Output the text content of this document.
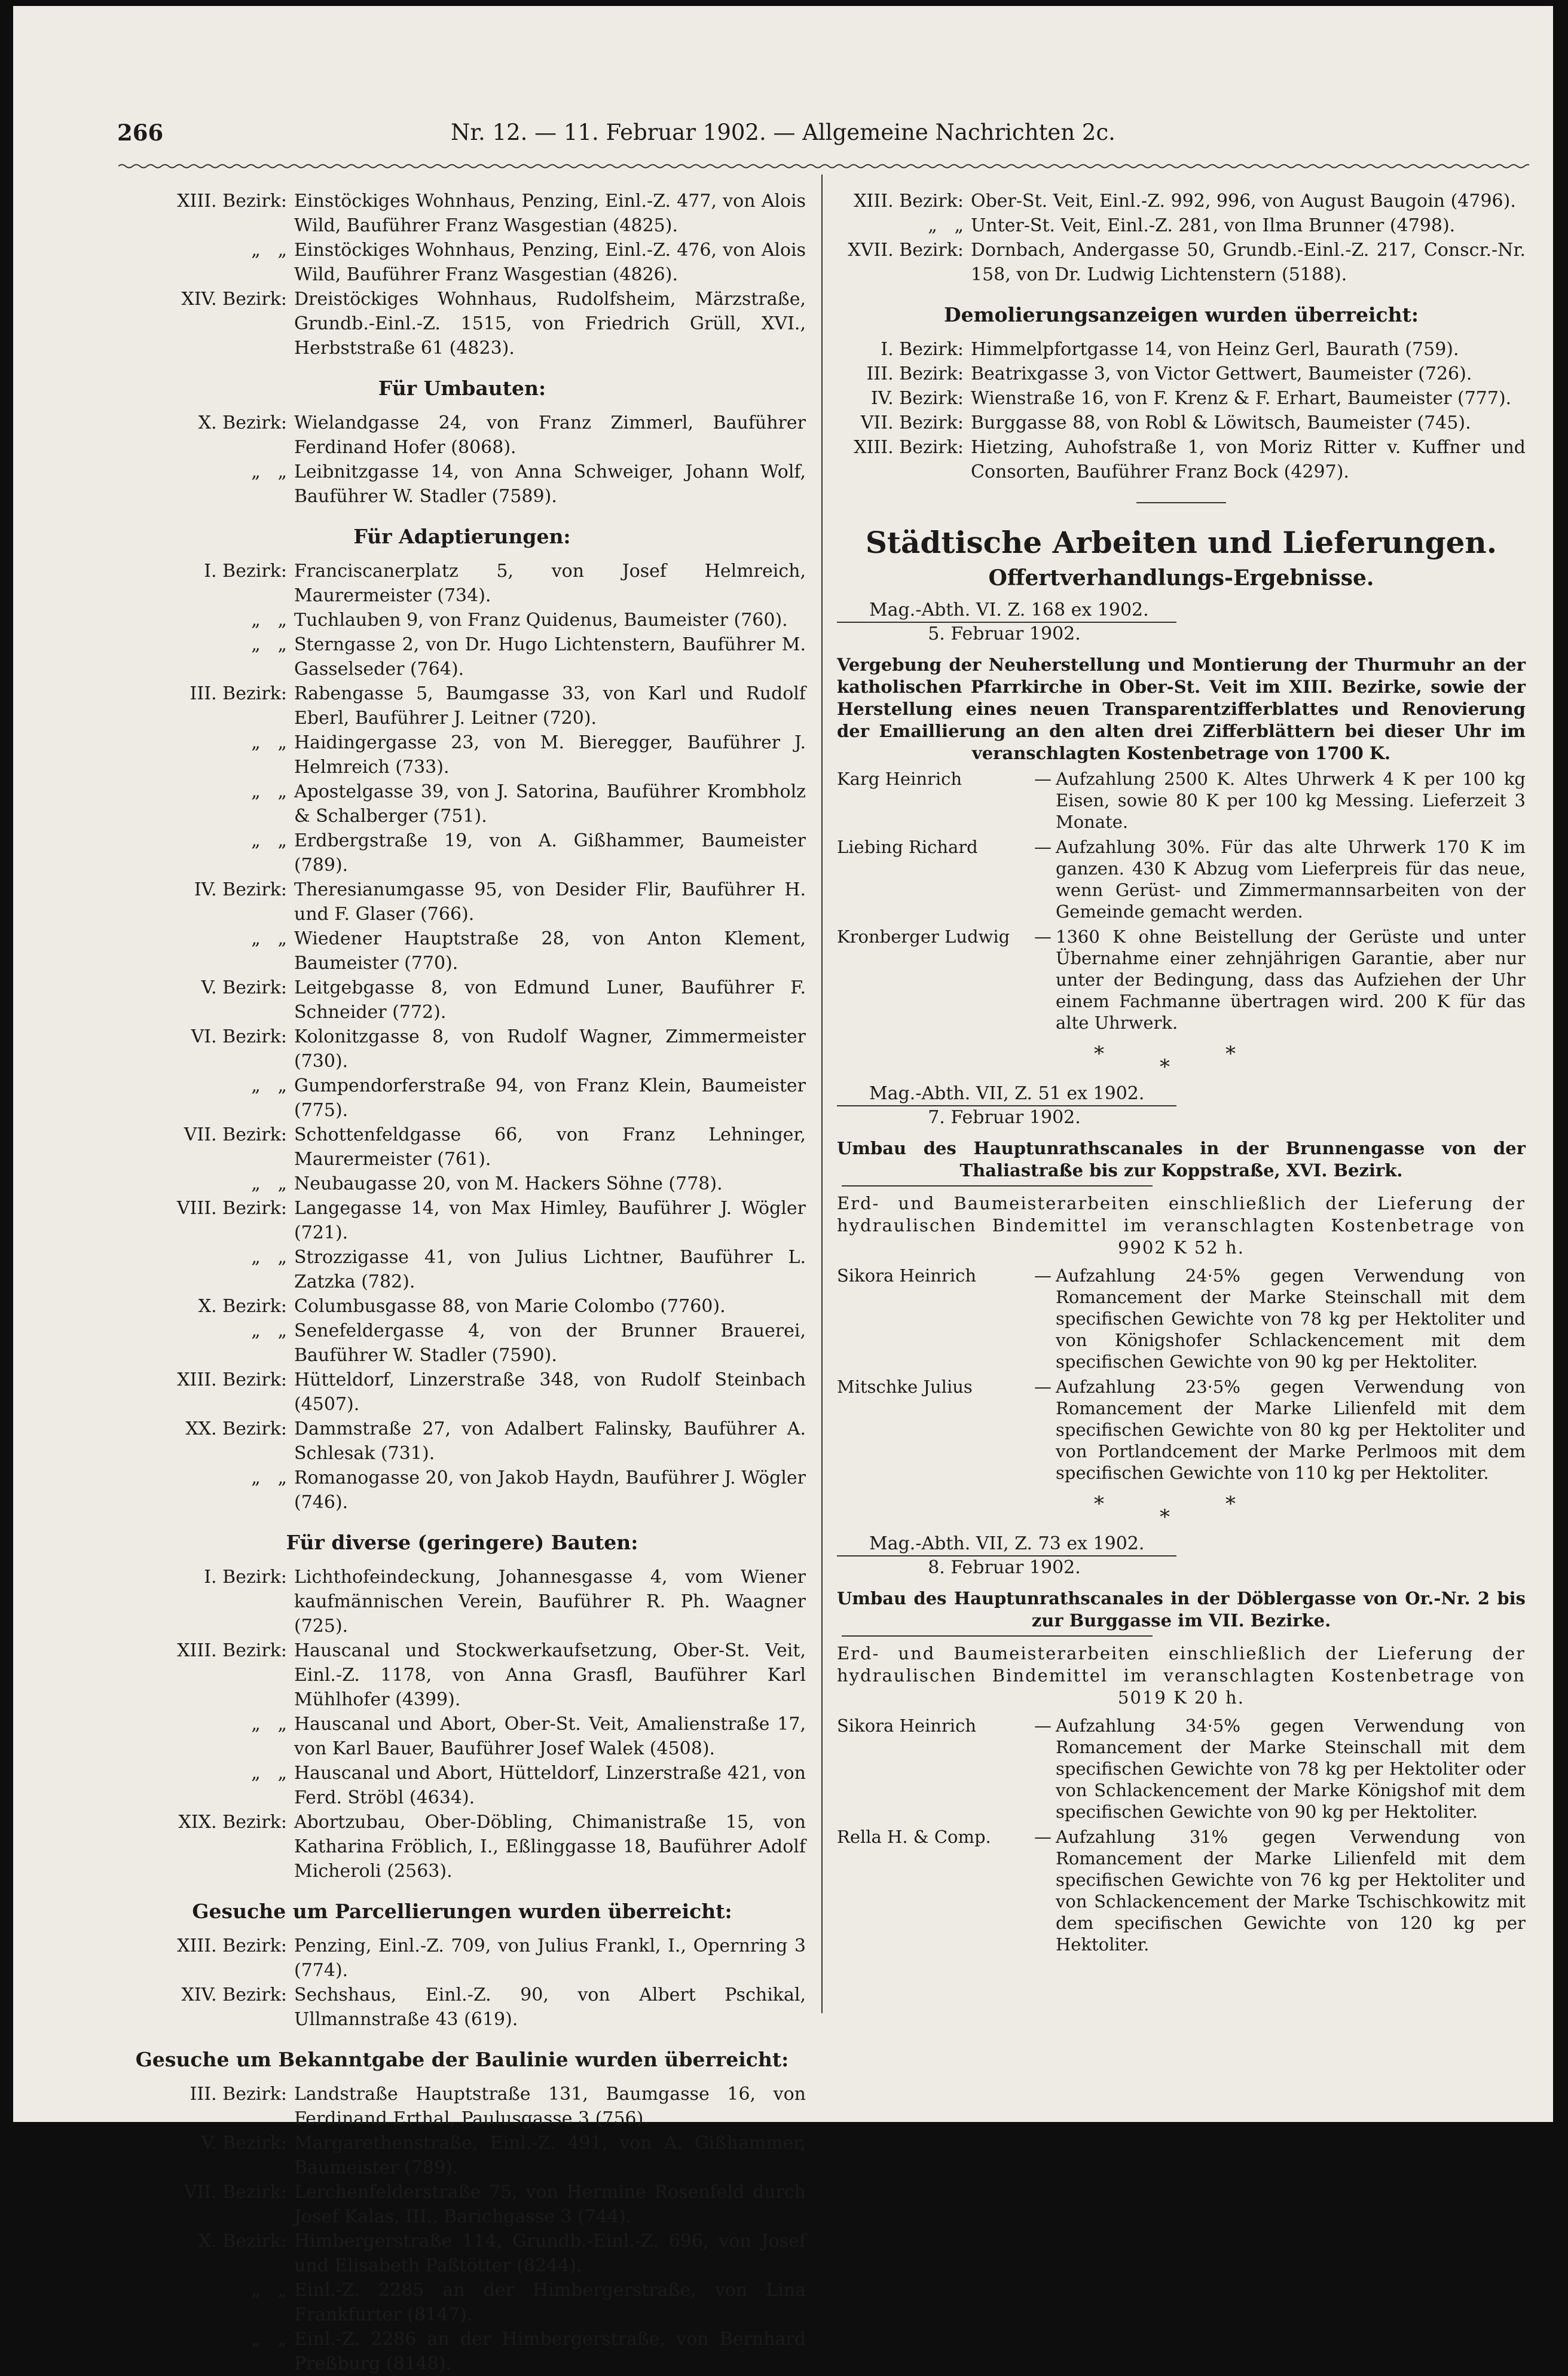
266	Nr. 12. — 11. Februar 1902. — Allgemeine Nachrichten 2c.
XIII. Bezirk: Einstöckiges Wohnhaus, Penzing, Einl.-Z. 477, von Alois Wild, Bauführer Franz Wasgestian (4825).
„   „ Einstöckiges Wohnhaus, Penzing, Einl.-Z. 476, von Alois Wild, Bauführer Franz Wasgestian (4826).
XIV. Bezirk: Dreistöckiges Wohnhaus, Rudolfsheim, Märzstraße, Grundb.-Einl.-Z. 1515, von Friedrich Grüll, XVI., Herbststraße 61 (4823).
Für Umbauten:
X. Bezirk: Wielandgasse 24, von Franz Zimmerl, Bauführer Ferdinand Hofer (8068).
„   „ Leibnitzgasse 14, von Anna Schweiger, Johann Wolf, Bauführer W. Stadler (7589).
Für Adaptierungen:
I. Bezirk: Franciscanerplatz 5, von Josef Helmreich, Maurermeister (734).
„   „ Tuchlauben 9, von Franz Quidenus, Baumeister (760).
„   „ Sterngasse 2, von Dr. Hugo Lichtenstern, Bauführer M. Gasselseder (764).
III. Bezirk: Rabengasse 5, Baumgasse 33, von Karl und Rudolf Eberl, Bauführer J. Leitner (720).
„   „ Haidingergasse 23, von M. Bieregger, Bauführer J. Helmreich (733).
„   „ Apostelgasse 39, von J. Satorina, Bauführer Krombholz & Schalberger (751).
„   „ Erdbergstraße 19, von A. Gißhammer, Baumeister (789).
IV. Bezirk: Theresianumgasse 95, von Desider Flir, Bauführer H. und F. Glaser (766).
„   „ Wiedener Hauptstraße 28, von Anton Klement, Baumeister (770).
V. Bezirk: Leitgebgasse 8, von Edmund Luner, Bauführer F. Schneider (772).
VI. Bezirk: Kolonitzgasse 8, von Rudolf Wagner, Zimmermeister (730).
„   „ Gumpendorferstraße 94, von Franz Klein, Baumeister (775).
VII. Bezirk: Schottenfeldgasse 66, von Franz Lehninger, Maurermeister (761).
„   „ Neubaugasse 20, von M. Hackers Söhne (778).
VIII. Bezirk: Langegasse 14, von Max Himley, Bauführer J. Wögler (721).
„   „ Strozzigasse 41, von Julius Lichtner, Bauführer L. Zatzka (782).
X. Bezirk: Columbusgasse 88, von Marie Colombo (7760).
„   „ Senefeldergasse 4, von der Brunner Brauerei, Bauführer W. Stadler (7590).
XIII. Bezirk: Hütteldorf, Linzerstraße 348, von Rudolf Steinbach (4507).
XX. Bezirk: Dammstraße 27, von Adalbert Falinsky, Bauführer A. Schlesak (731).
„   „ Romanogasse 20, von Jakob Haydn, Bauführer J. Wögler (746).
Für diverse (geringere) Bauten:
I. Bezirk: Lichthofeindeckung, Johannesgasse 4, vom Wiener kaufmännischen Verein, Bauführer R. Ph. Waagner (725).
XIII. Bezirk: Hauscanal und Stockwerkaufsetzung, Ober-St. Veit, Einl.-Z. 1178, von Anna Grasfl, Bauführer Karl Mühlhofer (4399).
„   „ Hauscanal und Abort, Ober-St. Veit, Amalienstraße 17, von Karl Bauer, Bauführer Josef Walek (4508).
„   „ Hauscanal und Abort, Hütteldorf, Linzerstraße 421, von Ferd. Ströbl (4634).
XIX. Bezirk: Abortzubau, Ober-Döbling, Chimanistraße 15, von Katharina Fröblich, I., Eßlinggasse 18, Bauführer Adolf Micheroli (2563).
Gesuche um Parcellierungen wurden überreicht:
XIII. Bezirk: Penzing, Einl.-Z. 709, von Julius Frankl, I., Opernring 3 (774).
XIV. Bezirk: Sechshaus, Einl.-Z. 90, von Albert Pschikal, Ullmannstraße 43 (619).
Gesuche um Bekanntgabe der Baulinie wurden überreicht:
III. Bezirk: Landstraße Hauptstraße 131, Baumgasse 16, von Ferdinand Erthal, Paulusgasse 3 (756).
V. Bezirk: Margarethenstraße, Einl.-Z. 491, von A. Gißhammer, Baumeister (789).
VII. Bezirk: Lerchenfelderstraße 75, von Hermine Rosenfeld durch Josef Kalas, III., Barichgasse 3 (744).
X. Bezirk: Himbergerstraße 114, Grundb.-Einl.-Z. 696, von Josef und Elisabeth Paßtötter (8244).
„   „ Einl.-Z. 2285 an der Himbergerstraße, von Lina Frankfurter (8147).
„   „ Einl.-Z. 2286 an der Himbergerstraße, von Bernhard Preßburg (8148).
XIII. Bezirk: Ober-St. Veit, Einl.-Z. 992, 996, von August Baugoin (4796).
„   „ Unter-St. Veit, Einl.-Z. 281, von Ilma Brunner (4798).
XVII. Bezirk: Dornbach, Andergasse 50, Grundb.-Einl.-Z. 217, Conscr.-Nr. 158, von Dr. Ludwig Lichtenstern (5188).
Demolierungsanzeigen wurden überreicht:
I. Bezirk: Himmelpfortgasse 14, von Heinz Gerl, Baurath (759).
III. Bezirk: Beatrixgasse 3, von Victor Gettwert, Baumeister (726).
IV. Bezirk: Wienstraße 16, von F. Krenz & F. Erhart, Baumeister (777).
VII. Bezirk: Burggasse 88, von Robl & Löwitsch, Baumeister (745).
XIII. Bezirk: Hietzing, Auhofstraße 1, von Moriz Ritter v. Kuffner und Consorten, Bauführer Franz Bock (4297).
Städtische Arbeiten und Lieferungen.
Offertverhandlungs-Ergebnisse.
Mag.-Abth. VI. Z. 168 ex 1902.
5. Februar 1902.
Vergebung der Neuherstellung und Montierung der Thurmuhr an der katholischen Pfarrkirche in Ober-St. Veit im XIII. Bezirke, sowie der Herstellung eines neuen Transparentzifferblattes und Renovierung der Emaillierung an den alten drei Zifferblättern bei dieser Uhr im veranschlagten Kostenbetrage von 1700 K.
Karg Heinrich	— Aufzahlung 2500 K. Altes Uhrwerk 4 K per 100 kg Eisen, sowie 80 K per 100 kg Messing. Lieferzeit 3 Monate.
Liebing Richard	— Aufzahlung 30%. Für das alte Uhrwerk 170 K im ganzen. 430 K Abzug vom Lieferpreis für das neue, wenn Gerüst- und Zimmermannsarbeiten von der Gemeinde gemacht werden.
Kronberger Ludwig	— 1360 K ohne Beistellung der Gerüste und unter Übernahme einer zehnjährigen Garantie, aber nur unter der Bedingung, dass das Aufziehen der Uhr einem Fachmanne übertragen wird. 200 K für das alte Uhrwerk.
*
*
*
Mag.-Abth. VII, Z. 51 ex 1902.
7. Februar 1902.
Umbau des Hauptunrathscanales in der Brunnengasse von der Thaliastraße bis zur Koppstraße, XVI. Bezirk.
Erd- und Baumeisterarbeiten einschließlich der Lieferung der hydraulischen Bindemittel im veranschlagten Kostenbetrage von 9902 K 52 h.
Sikora Heinrich	— Aufzahlung 24·5% gegen Verwendung von Romancement der Marke Steinschall mit dem specifischen Gewichte von 78 kg per Hektoliter und von Königshofer Schlackencement mit dem specifischen Gewichte von 90 kg per Hektoliter.
Mitschke Julius	— Aufzahlung 23·5% gegen Verwendung von Romancement der Marke Lilienfeld mit dem specifischen Gewichte von 80 kg per Hektoliter und von Portlandcement der Marke Perlmoos mit dem specifischen Gewichte von 110 kg per Hektoliter.
*
*
*
Mag.-Abth. VII, Z. 73 ex 1902.
8. Februar 1902.
Umbau des Hauptunrathscanales in der Döblergasse von Or.-Nr. 2 bis zur Burggasse im VII. Bezirke.
Erd- und Baumeisterarbeiten einschließlich der Lieferung der hydraulischen Bindemittel im veranschlagten Kostenbetrage von 5019 K 20 h.
Sikora Heinrich	— Aufzahlung 34·5% gegen Verwendung von Romancement der Marke Steinschall mit dem specifischen Gewichte von 78 kg per Hektoliter oder von Schlackencement der Marke Königshof mit dem specifischen Gewichte von 90 kg per Hektoliter.
Rella H. & Comp.	— Aufzahlung 31% gegen Verwendung von Romancement der Marke Lilienfeld mit dem specifischen Gewichte von 76 kg per Hektoliter und von Schlackencement der Marke Tschischkowitz mit dem specifischen Gewichte von 120 kg per Hektoliter.
